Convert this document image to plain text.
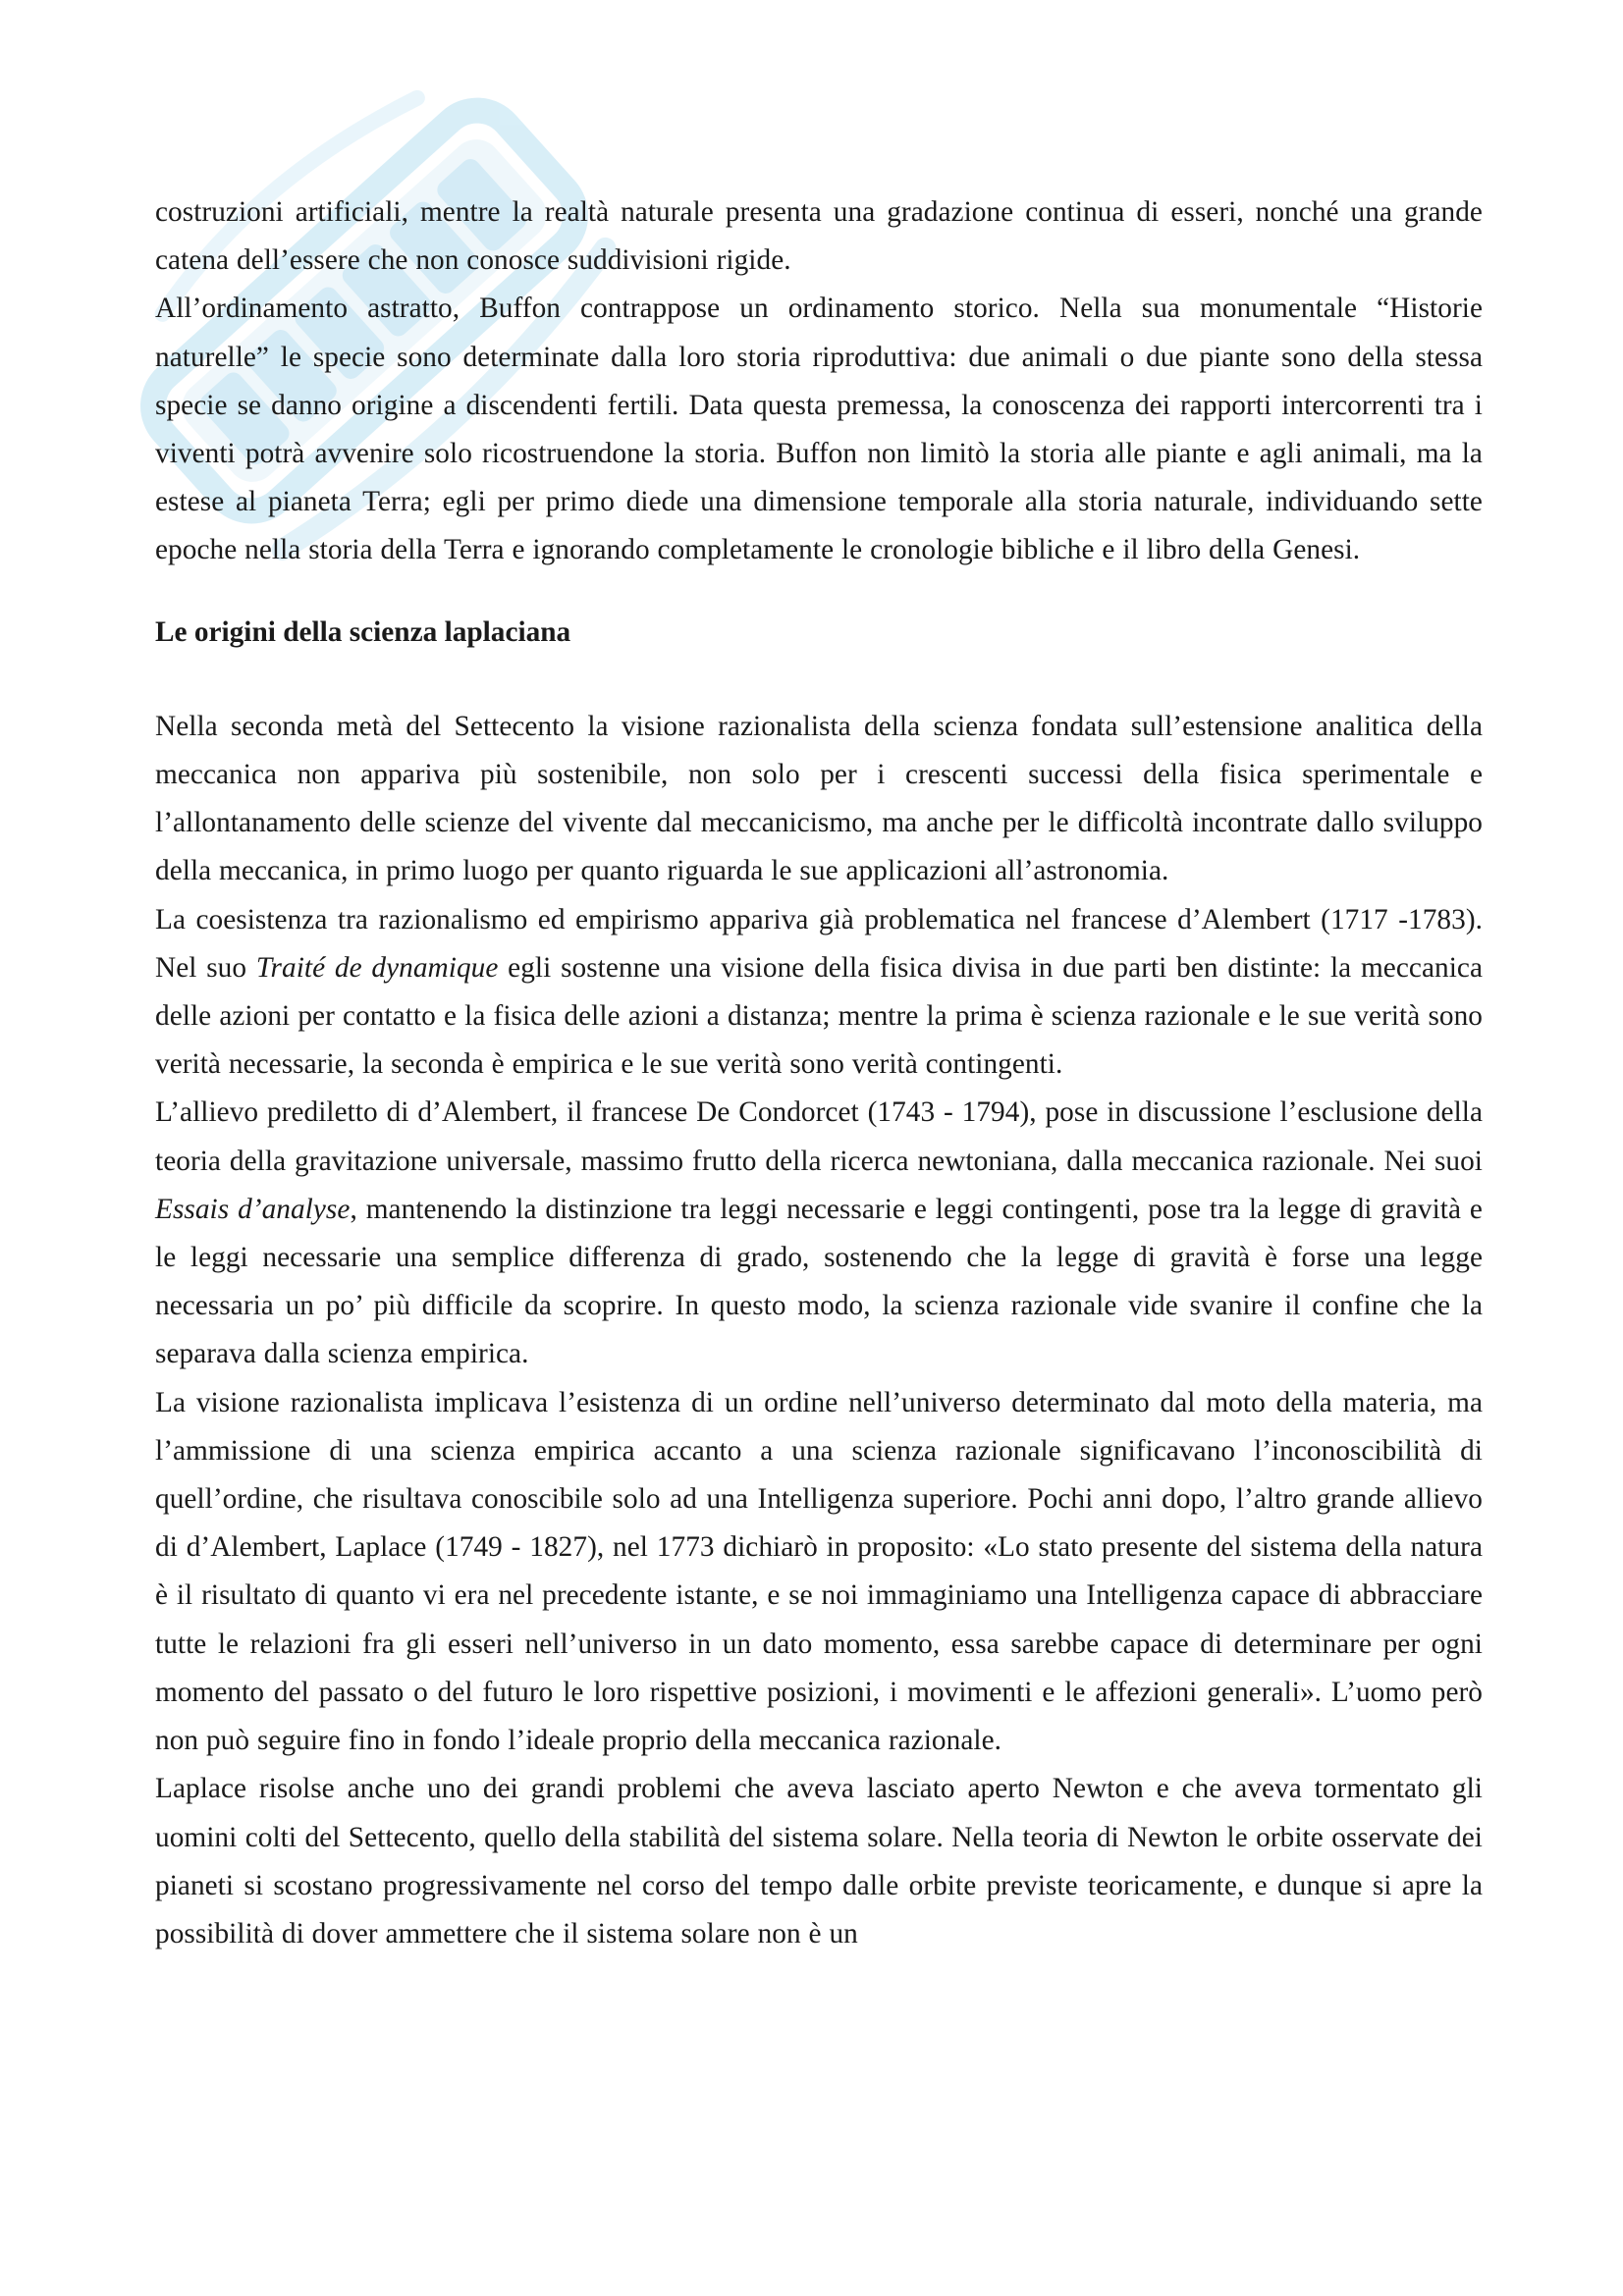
costruzioni artificiali, mentre la realtà naturale presenta una gradazione continua di esseri, nonché una grande catena dell’essere che non conosce suddivisioni rigide.

All’ordinamento astratto, Buffon contrappose un ordinamento storico. Nella sua monumentale “Historie naturelle” le specie sono determinate dalla loro storia riproduttiva: due animali o due piante sono della stessa specie se danno origine a discendenti fertili. Data questa premessa, la conoscenza dei rapporti intercorrenti tra i viventi potrà avvenire solo ricostruendone la storia. Buffon non limitò la storia alle piante e agli animali, ma la estese al pianeta Terra; egli per primo diede una dimensione temporale alla storia naturale, individuando sette epoche nella storia della Terra e ignorando completamente le cronologie bibliche e il libro della Genesi.

Le origini della scienza laplaciana

Nella seconda metà del Settecento la visione razionalista della scienza fondata sull’estensione analitica della meccanica non appariva più sostenibile, non solo per i crescenti successi della fisica sperimentale e l’allontanamento delle scienze del vivente dal meccanicismo, ma anche per le difficoltà incontrate dallo sviluppo della meccanica, in primo luogo per quanto riguarda le sue applicazioni all’astronomia.

La coesistenza tra razionalismo ed empirismo appariva già problematica nel francese d’Alembert (1717 -1783). Nel suo Traité de dynamique egli sostenne una visione della fisica divisa in due parti ben distinte: la meccanica delle azioni per contatto e la fisica delle azioni a distanza; mentre la prima è scienza razionale e le sue verità sono verità necessarie, la seconda è empirica e le sue verità sono verità contingenti.

L’allievo prediletto di d’Alembert, il francese De Condorcet (1743 - 1794), pose in discussione l’esclusione della teoria della gravitazione universale, massimo frutto della ricerca newtoniana, dalla meccanica razionale. Nei suoi Essais d’analyse, mantenendo la distinzione tra leggi necessarie e leggi contingenti, pose tra la legge di gravità e le leggi necessarie una semplice differenza di grado, sostenendo che la legge di gravità è forse una legge necessaria un po’ più difficile da scoprire. In questo modo, la scienza razionale vide svanire il confine che la separava dalla scienza empirica.

La visione razionalista implicava l’esistenza di un ordine nell’universo determinato dal moto della materia, ma l’ammissione di una scienza empirica accanto a una scienza razionale significavano l’inconoscibilità di quell’ordine, che risultava conoscibile solo ad una Intelligenza superiore. Pochi anni dopo, l’altro grande allievo di d’Alembert, Laplace (1749 - 1827), nel 1773 dichiarò in proposito: «Lo stato presente del sistema della natura è il risultato di quanto vi era nel precedente istante, e se noi immaginiamo una Intelligenza capace di abbracciare tutte le relazioni fra gli esseri nell’universo in un dato momento, essa sarebbe capace di determinare per ogni momento del passato o del futuro le loro rispettive posizioni, i movimenti e le affezioni generali». L’uomo però non può seguire fino in fondo l’ideale proprio della meccanica razionale.

Laplace risolse anche uno dei grandi problemi che aveva lasciato aperto Newton e che aveva tormentato gli uomini colti del Settecento, quello della stabilità del sistema solare. Nella teoria di Newton le orbite osservate dei pianeti si scostano progressivamente nel corso del tempo dalle orbite previste teoricamente, e dunque si apre la possibilità di dover ammettere che il sistema solare non è un
